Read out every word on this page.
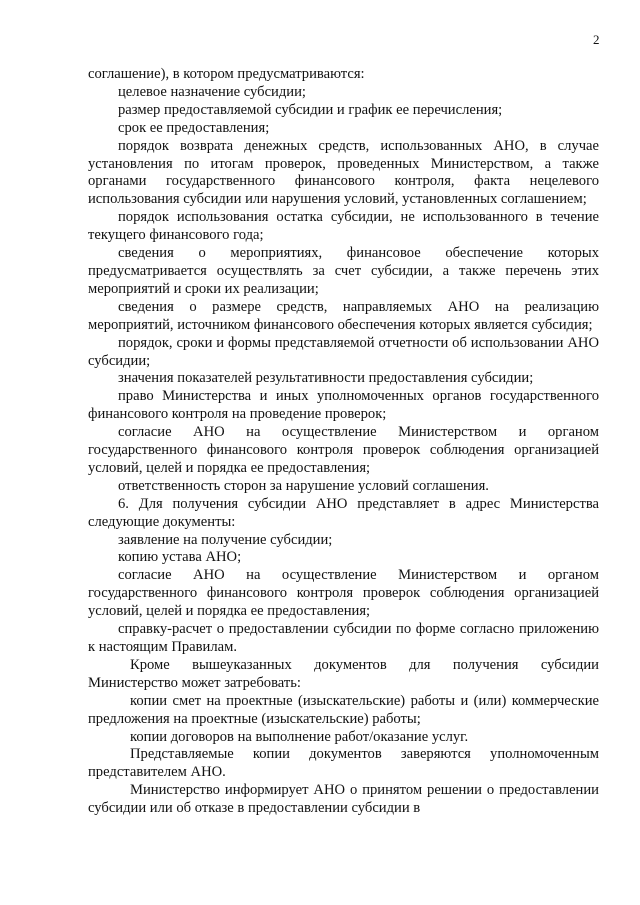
2

соглашение), в котором предусматриваются:

целевое назначение субсидии;

размер предоставляемой субсидии и график ее перечисления;

срок ее предоставления;

порядок возврата денежных средств, использованных АНО, в случае установления по итогам проверок, проведенных Министерством, а также органами государственного финансового контроля, факта нецелевого использования субсидии или нарушения условий, установленных соглашением;

порядок использования остатка субсидии, не использованного в течение текущего финансового года;

сведения о мероприятиях, финансовое обеспечение которых предусматривается осуществлять за счет субсидии, а также перечень этих мероприятий и сроки их реализации;

сведения о размере средств, направляемых АНО на реализацию мероприятий, источником финансового обеспечения которых является субсидия;

порядок, сроки и формы представляемой отчетности об использовании АНО субсидии;

значения показателей результативности предоставления субсидии;

право Министерства и иных уполномоченных органов государственного финансового контроля на проведение проверок;

согласие АНО на осуществление Министерством и органом государственного финансового контроля проверок соблюдения организацией условий, целей и порядка ее предоставления;

ответственность сторон за нарушение условий соглашения.

6. Для получения субсидии АНО представляет в адрес Министерства следующие документы:

заявление на получение субсидии;

копию устава АНО;

согласие АНО на осуществление Министерством и органом государственного финансового контроля проверок соблюдения организацией условий, целей и порядка ее предоставления;

справку-расчет о предоставлении субсидии по форме согласно приложению к настоящим Правилам.

Кроме вышеуказанных документов для получения субсидии Министерство может затребовать:

копии смет на проектные (изыскательские) работы и (или) коммерческие предложения на проектные (изыскательские) работы;

копии договоров на выполнение работ/оказание услуг.

Представляемые копии документов заверяются уполномоченным представителем АНО.

Министерство информирует АНО о принятом решении о предоставлении субсидии или об отказе в предоставлении субсидии в
